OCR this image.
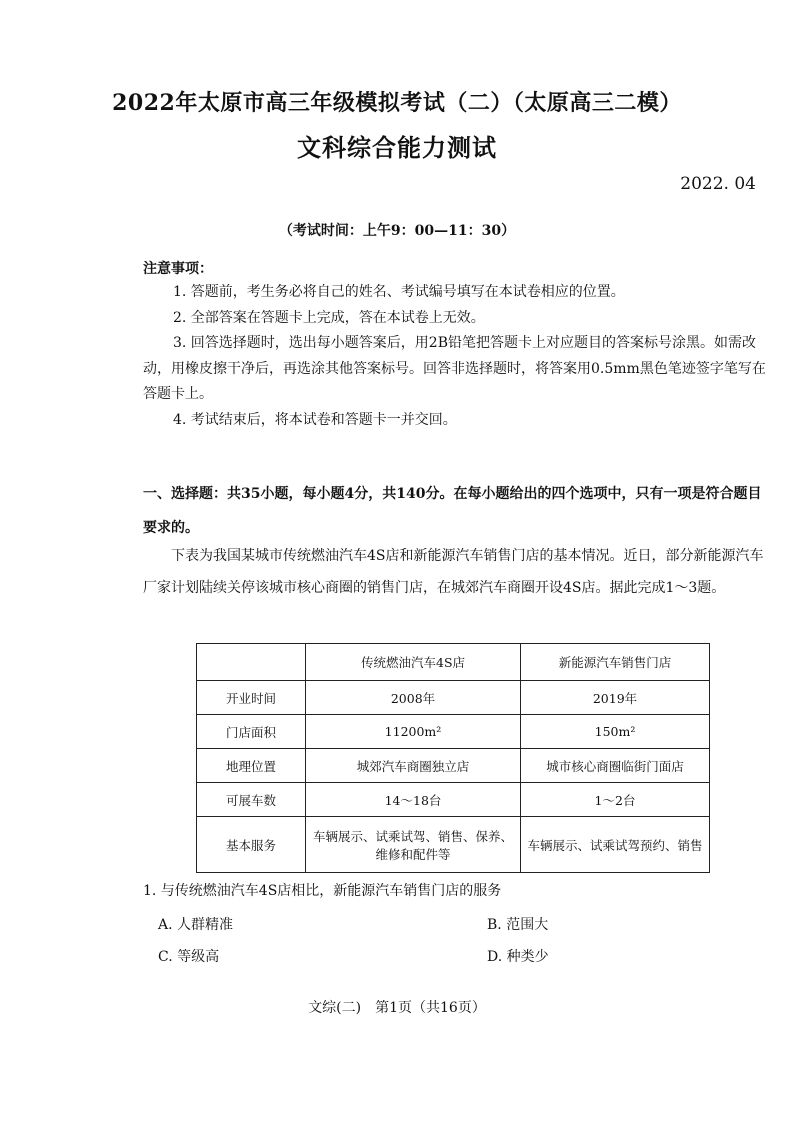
2022年太原市高三年级模拟考试（二）（太原高三二模）
文科综合能力测试
2022. 04
（考试时间：上午9：00—11：30）
注意事项：

1. 答题前，考生务必将自己的姓名、考试编号填写在本试卷相应的位置。

2. 全部答案在答题卡上完成，答在本试卷上无效。

3. 回答选择题时，选出每小题答案后，用2B铅笔把答题卡上对应题目的答案标号涂黑。如需改动，用橡皮擦干净后，再选涂其他答案标号。回答非选择题时，将答案用0.5mm黑色笔迹签字笔写在答题卡上。

4. 考试结束后，将本试卷和答题卡一并交回。

一、选择题：共35小题，每小题4分，共140分。在每小题给出的四个选项中，只有一项是符合题目要求的。
下表为我国某城市传统燃油汽车4S店和新能源汽车销售门店的基本情况。近日，部分新能源汽车厂家计划陆续关停该城市核心商圈的销售门店，在城郊汽车商圈开设4S店。据此完成1～3题。
	传统燃油汽车4S店	新能源汽车销售门店
开业时间	2008年	2019年
门店面积	11200m²	150m²
地理位置	城郊汽车商圈独立店	城市核心商圈临街门面店
可展车数	14～18台	1～2台
基本服务	车辆展示、试乘试驾、销售、保养、维修和配件等	车辆展示、试乘试驾预约、销售
1. 与传统燃油汽车4S店相比，新能源汽车销售门店的服务
A. 人群精准	B. 范围大
C. 等级高	D. 种类少
文综(二)　第1页（共16页）
